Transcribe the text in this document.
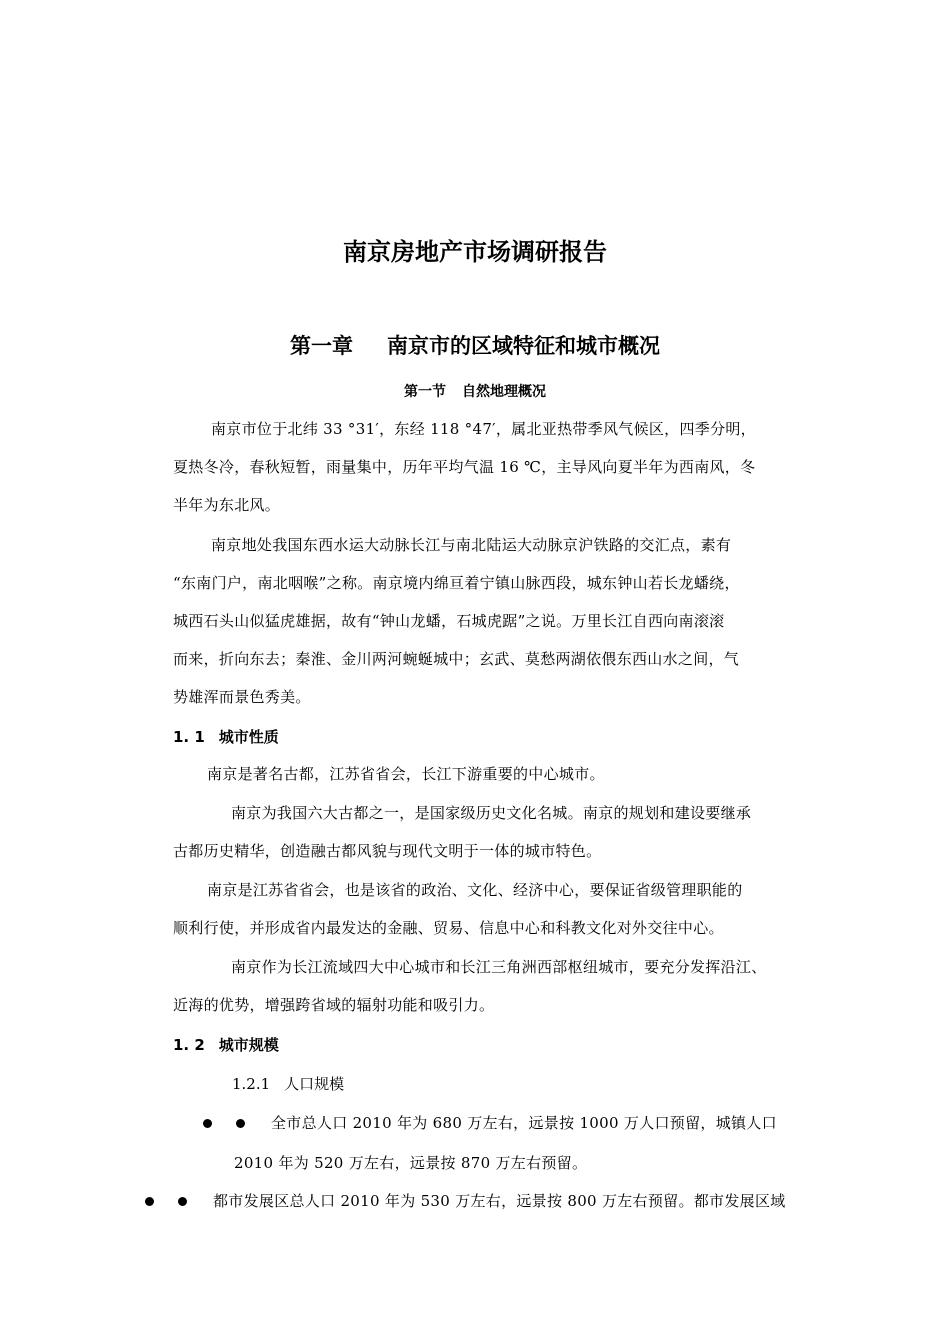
南京房地产市场调研报告
第一章 南京市的区域特征和城市概况
第一节 自然地理概况
南京市位于北纬 33 °31′，东经 118 °47′，属北亚热带季风气候区，四季分明，
夏热冬冷，春秋短暂，雨量集中，历年平均气温 16 ℃，主导风向夏半年为西南风，冬
半年为东北风。
南京地处我国东西水运大动脉长江与南北陆运大动脉京沪铁路的交汇点，素有
“东南门户，南北咽喉”之称。南京境内绵亘着宁镇山脉西段，城东钟山若长龙蟠绕，
城西石头山似猛虎雄据，故有“钟山龙蟠，石城虎踞”之说。万里长江自西向南滚滚
而来，折向东去；秦淮、金川两河蜿蜒城中；玄武、莫愁两湖依偎东西山水之间，气
势雄浑而景色秀美。
1. 1 城市性质
南京是著名古都，江苏省省会，长江下游重要的中心城市。
南京为我国六大古都之一，是国家级历史文化名城。南京的规划和建设要继承
古都历史精华，创造融古都风貌与现代文明于一体的城市特色。
南京是江苏省省会，也是该省的政治、文化、经济中心，要保证省级管理职能的
顺利行使，并形成省内最发达的金融、贸易、信息中心和科教文化对外交往中心。
南京作为长江流域四大中心城市和长江三角洲西部枢纽城市，要充分发挥沿江、
近海的优势，增强跨省域的辐射功能和吸引力。
1. 2 城市规模
1.2.1 人口规模
全市总人口 2010 年为 680 万左右，远景按 1000 万人口预留，城镇人口
2010 年为 520 万左右，远景按 870 万左右预留。
都市发展区总人口 2010 年为 530 万左右，远景按 800 万左右预留。都市发展区域
